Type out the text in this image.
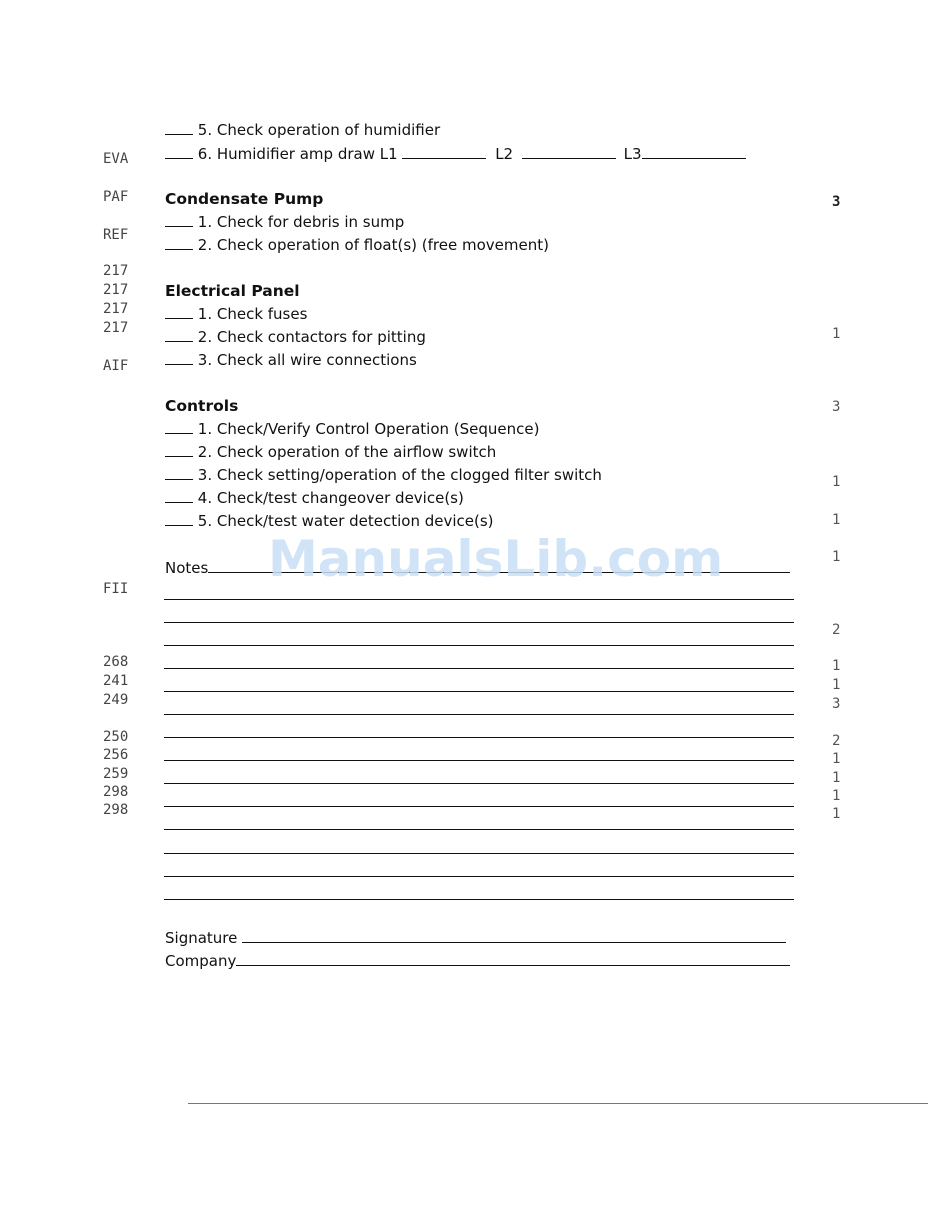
EVA
PAF
REF
217
217
217
217
AIF
FII
268
241
249
250
256
259
298
298
3
1
3
1
1
1
2
1
1
3
2
1
1
1
1
5. Check operation of humidifier
6. Humidifier amp draw L1	L2	L3
Condensate Pump
1. Check for debris in sump
2. Check operation of float(s) (free movement)
Electrical Panel
1. Check fuses
2. Check contactors for pitting
3. Check all wire connections
Controls
1. Check/Verify Control Operation (Sequence)
2. Check operation of the airflow switch
3. Check setting/operation of the clogged filter switch
4. Check/test changeover device(s)
5. Check/test water detection device(s)
Notes
Signature
Company
ManualsLib.com
